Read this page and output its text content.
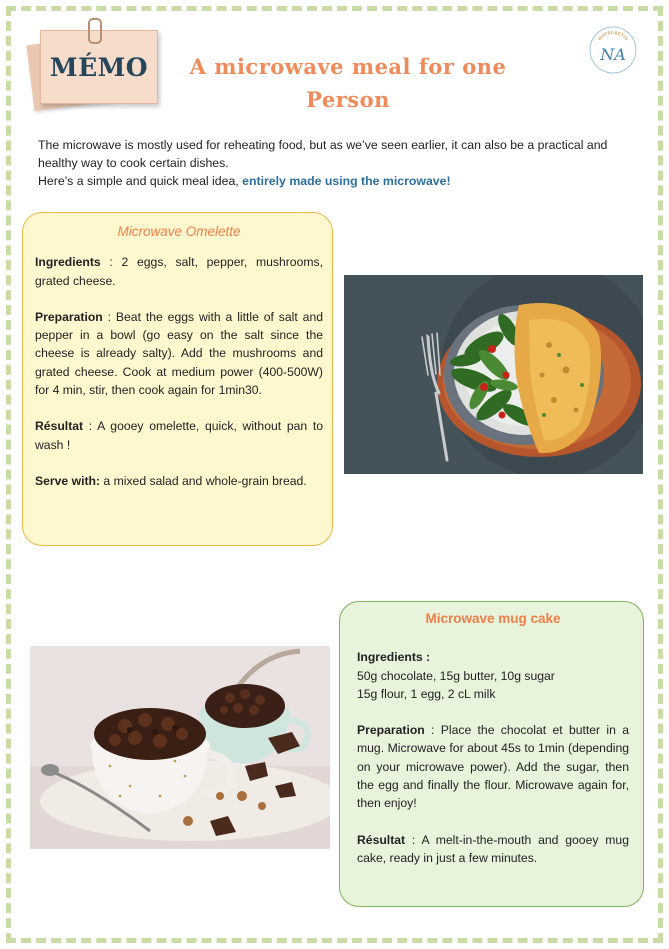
MÉMO	A microwave meal for one
Person
NUTRI-ACTIV
NA
The microwave is mostly used for reheating food, but as we’ve seen earlier, it can also be a practical and healthy way to cook certain dishes.
Here’s a simple and quick meal idea, entirely made using the microwave!
Microwave Omelette

Ingredients : 2 eggs, salt, pepper, mushrooms, grated cheese.

Preparation : Beat the eggs with a little of salt and pepper in a bowl (go easy on the salt since the cheese is already salty). Add the mushrooms and grated cheese. Cook at medium power (400-500W) for 4 min, stir, then cook again for 1min30.

Résultat : A gooey omelette, quick, without pan to wash !

Serve with: a mixed salad and whole-grain bread.

Microwave mug cake

Ingredients :
50g chocolate, 15g butter, 10g sugar
15g flour, 1 egg, 2 cL milk

Preparation : Place the chocolat et butter in a mug. Microwave for about 45s to 1min (depending on your microwave power). Add the sugar, then the egg and finally the flour. Microwave again for, then enjoy!

Résultat : A melt-in-the-mouth and gooey mug cake, ready in just a few minutes.
